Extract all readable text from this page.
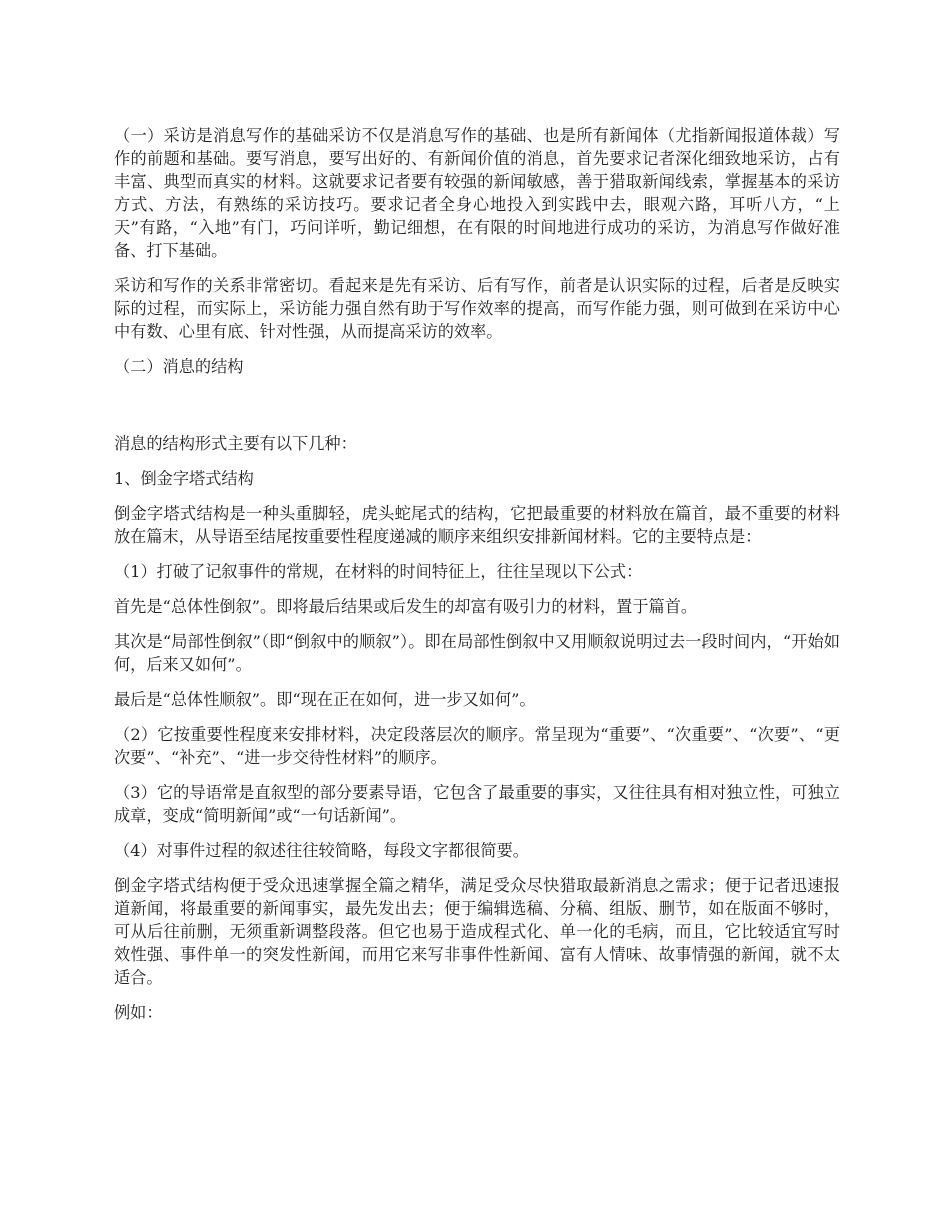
（一）采访是消息写作的基础采访不仅是消息写作的基础、也是所有新闻体（尤指新闻报道体裁）写作的前题和基础。要写消息，要写出好的、有新闻价值的消息，首先要求记者深化细致地采访，占有丰富、典型而真实的材料。这就要求记者要有较强的新闻敏感，善于猎取新闻线索，掌握基本的采访方式、方法，有熟练的采访技巧。要求记者全身心地投入到实践中去，眼观六路，耳听八方，“上天”有路，“入地”有门，巧问详听，勤记细想，在有限的时间地进行成功的采访，为消息写作做好准备、打下基础。

采访和写作的关系非常密切。看起来是先有采访、后有写作，前者是认识实际的过程，后者是反映实际的过程，而实际上，采访能力强自然有助于写作效率的提高，而写作能力强，则可做到在采访中心中有数、心里有底、针对性强，从而提高采访的效率。

（二）消息的结构

消息的结构形式主要有以下几种：

1、倒金字塔式结构

倒金字塔式结构是一种头重脚轻，虎头蛇尾式的结构，它把最重要的材料放在篇首，最不重要的材料放在篇末，从导语至结尾按重要性程度递减的顺序来组织安排新闻材料。它的主要特点是：

（1）打破了记叙事件的常规，在材料的时间特征上，往往呈现以下公式：

首先是“总体性倒叙”。即将最后结果或后发生的却富有吸引力的材料，置于篇首。

其次是“局部性倒叙”（即“倒叙中的顺叙”）。即在局部性倒叙中又用顺叙说明过去一段时间内，“开始如何，后来又如何”。

最后是“总体性顺叙”。即“现在正在如何，进一步又如何”。

（2）它按重要性程度来安排材料，决定段落层次的顺序。常呈现为“重要”、“次重要”、“次要”、“更次要”、“补充”、“进一步交待性材料”的顺序。

（3）它的导语常是直叙型的部分要素导语，它包含了最重要的事实，又往往具有相对独立性，可独立成章，变成“简明新闻”或“一句话新闻”。

（4）对事件过程的叙述往往较简略，每段文字都很简要。

倒金字塔式结构便于受众迅速掌握全篇之精华，满足受众尽快猎取最新消息之需求；便于记者迅速报道新闻，将最重要的新闻事实，最先发出去；便于编辑选稿、分稿、组版、删节，如在版面不够时，可从后往前删，无须重新调整段落。但它也易于造成程式化、单一化的毛病，而且，它比较适宜写时效性强、事件单一的突发性新闻，而用它来写非事件性新闻、富有人情味、故事情强的新闻，就不太适合。

例如：
